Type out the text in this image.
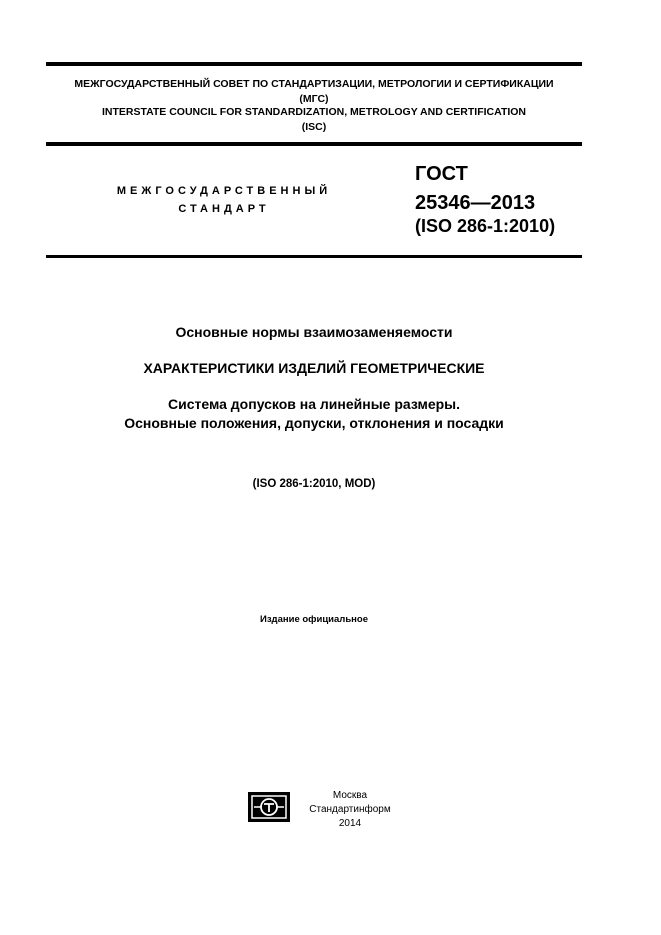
МЕЖГОСУДАРСТВЕННЫЙ СОВЕТ ПО СТАНДАРТИЗАЦИИ, МЕТРОЛОГИИ И СЕРТИФИКАЦИИ
(МГС)
INTERSTATE COUNCIL FOR STANDARDIZATION, METROLOGY AND CERTIFICATION
(ISC)
МЕЖГОСУДАРСТВЕННЫЙ
СТАНДАРТ
ГОСТ
25346—2013
(ISO 286-1:2010)
Основные нормы взаимозаменяемости
ХАРАКТЕРИСТИКИ ИЗДЕЛИЙ ГЕОМЕТРИЧЕСКИЕ
Система допусков на линейные размеры.
Основные положения, допуски, отклонения и посадки
(ISO 286-1:2010, MOD)
Издание официальное
Москва
Стандартинформ
2014
